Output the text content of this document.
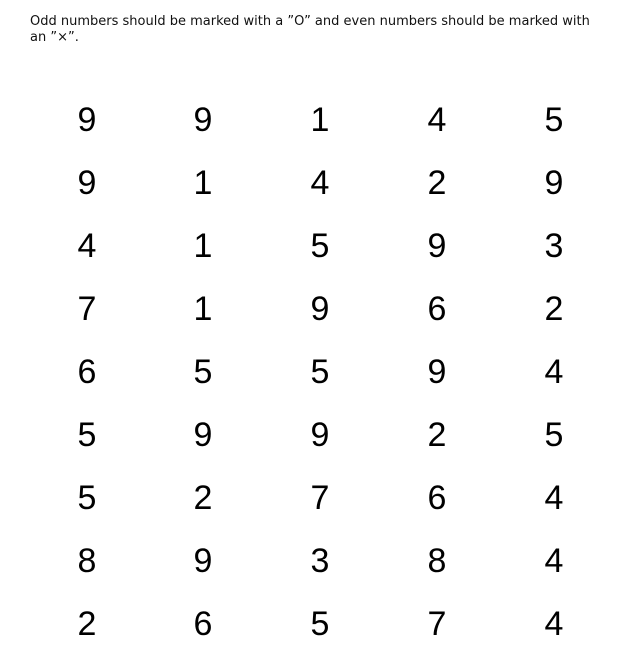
Odd numbers should be marked with a ”O” and even numbers should be marked with an ”×”.

9	9	1	4	5
9	1	4	2	9
4	1	5	9	3
7	1	9	6	2
6	5	5	9	4
5	9	9	2	5
5	2	7	6	4
8	9	3	8	4
2	6	5	7	4
